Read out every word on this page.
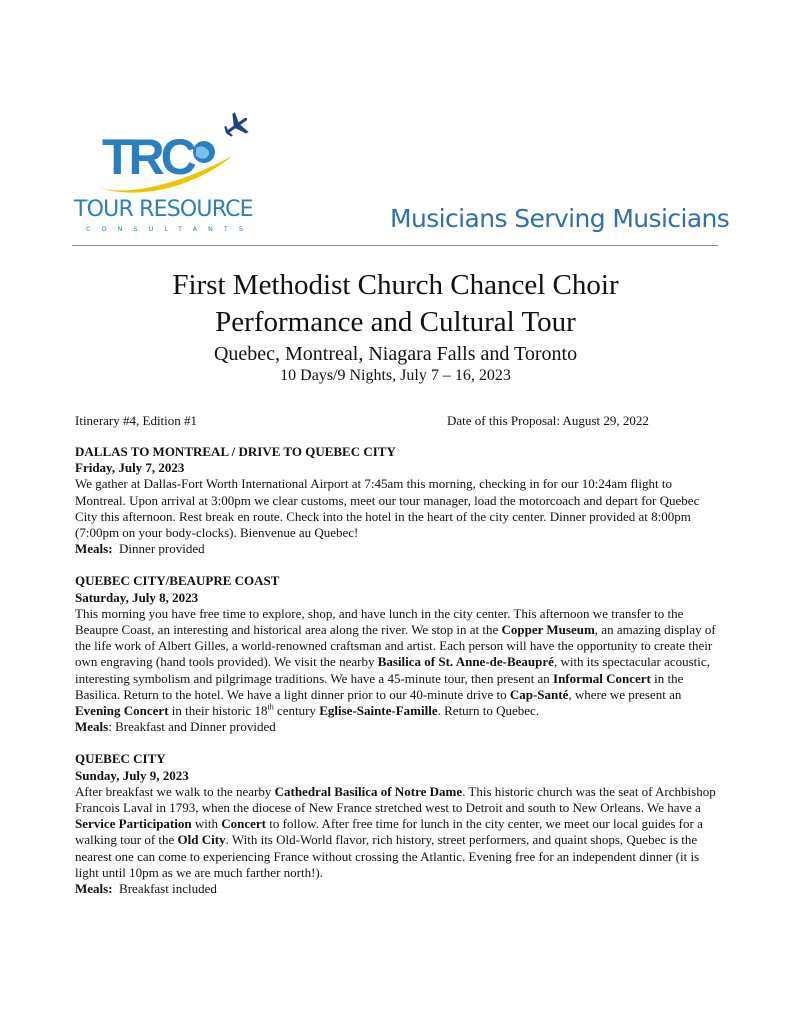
TRC
TOUR RESOURCE
CONSULTANTS	Musicians Serving Musicians
First Methodist Church Chancel Choir
Performance and Cultural Tour
Quebec, Montreal, Niagara Falls and Toronto
10 Days/9 Nights, July 7 – 16, 2023
Itinerary #4, Edition #1	Date of this Proposal: August 29, 2022
DALLAS TO MONTREAL / DRIVE TO QUEBEC CITY
Friday, July 7, 2023
We gather at Dallas-Fort Worth International Airport at 7:45am this morning, checking in for our 10:24am flight to Montreal. Upon arrival at 3:00pm we clear customs, meet our tour manager, load the motorcoach and depart for Quebec City this afternoon. Rest break en route. Check into the hotel in the heart of the city center. Dinner provided at 8:00pm (7:00pm on your body-clocks). Bienvenue au Quebec!
Meals: Dinner provided
QUEBEC CITY/BEAUPRE COAST
Saturday, July 8, 2023
This morning you have free time to explore, shop, and have lunch in the city center. This afternoon we transfer to the Beaupre Coast, an interesting and historical area along the river. We stop in at the Copper Museum, an amazing display of the life work of Albert Gilles, a world-renowned craftsman and artist. Each person will have the opportunity to create their own engraving (hand tools provided). We visit the nearby Basilica of St. Anne-de-Beaupré, with its spectacular acoustic, interesting symbolism and pilgrimage traditions. We have a 45-minute tour, then present an Informal Concert in the Basilica. Return to the hotel. We have a light dinner prior to our 40-minute drive to Cap-Santé, where we present an Evening Concert in their historic 18th century Eglise-Sainte-Famille. Return to Quebec.
Meals: Breakfast and Dinner provided
QUEBEC CITY
Sunday, July 9, 2023
After breakfast we walk to the nearby Cathedral Basilica of Notre Dame. This historic church was the seat of Archbishop Francois Laval in 1793, when the diocese of New France stretched west to Detroit and south to New Orleans. We have a Service Participation with Concert to follow. After free time for lunch in the city center, we meet our local guides for a walking tour of the Old City. With its Old-World flavor, rich history, street performers, and quaint shops, Quebec is the nearest one can come to experiencing France without crossing the Atlantic. Evening free for an independent dinner (it is light until 10pm as we are much farther north!).
Meals: Breakfast included
